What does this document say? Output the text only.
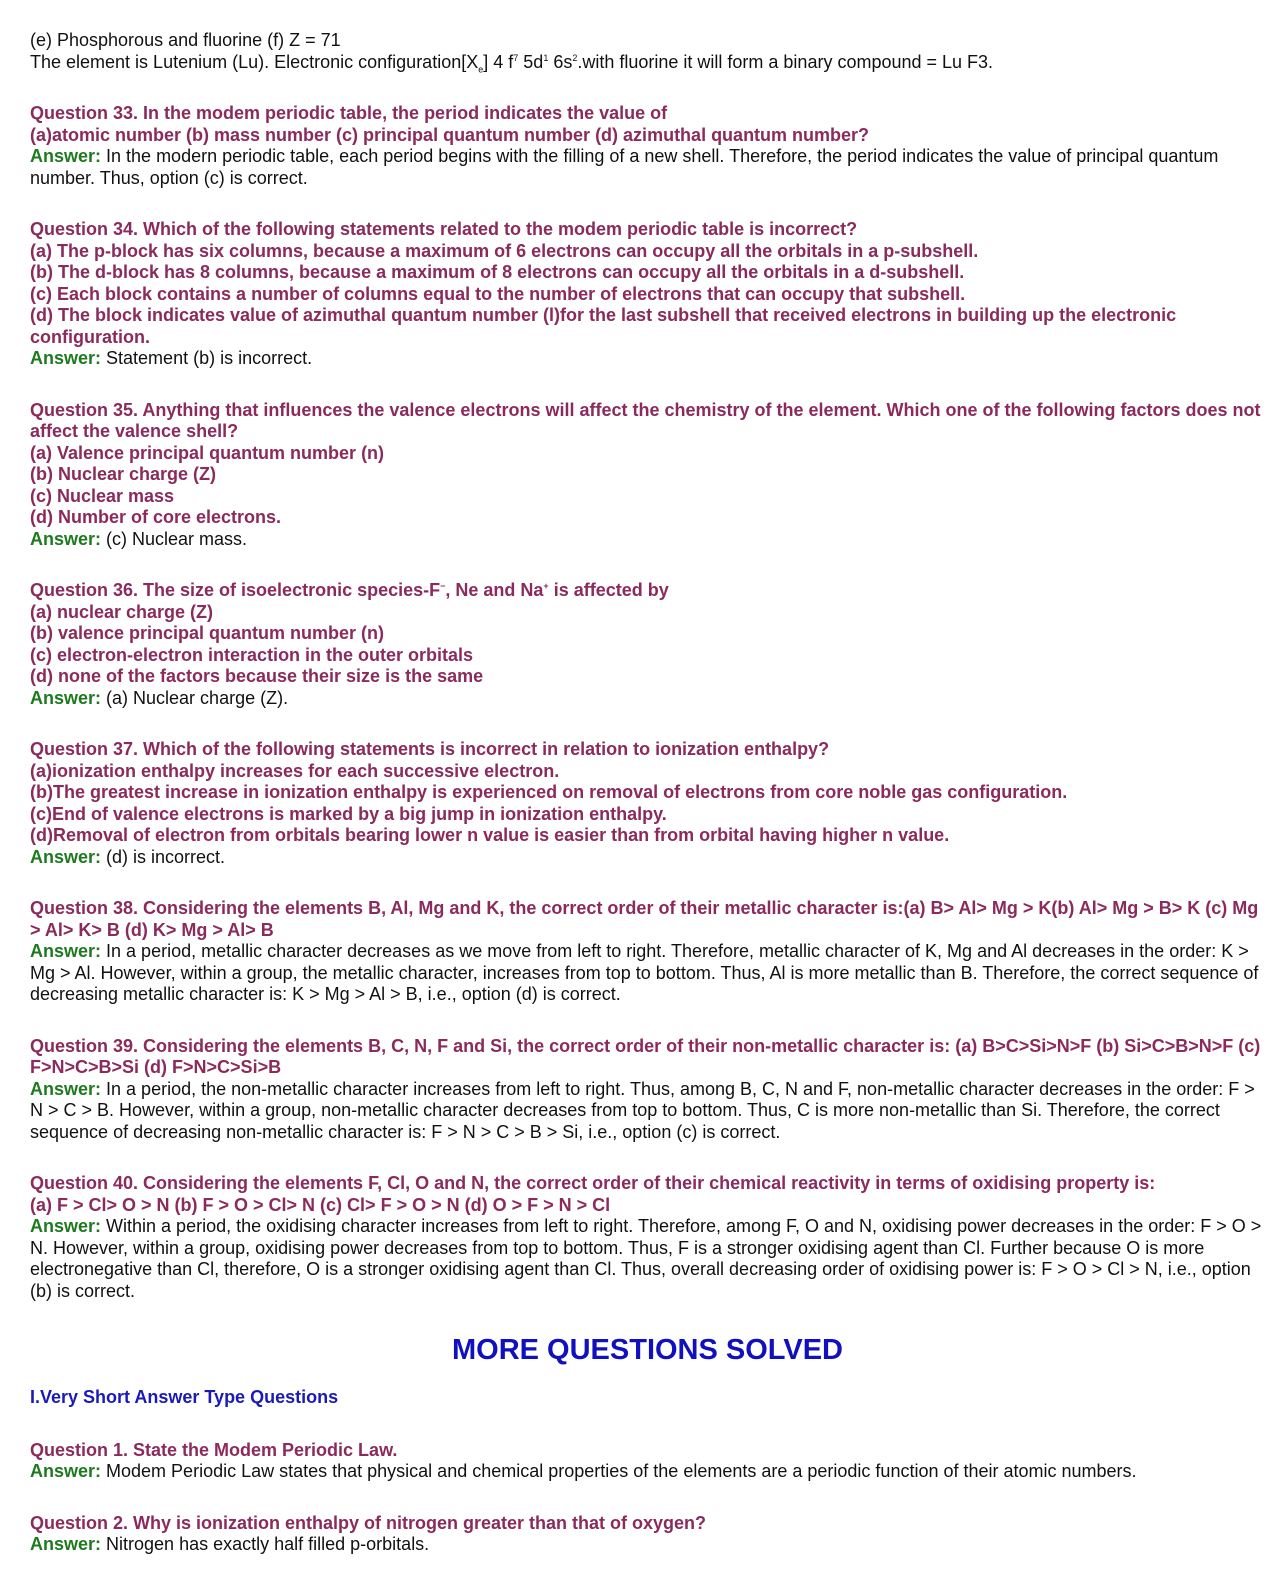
(e) Phosphorous and fluorine (f) Z = 71

The element is Lutenium (Lu). Electronic $configuration[X_e]$ 4 $f^7$ $5d^1$ $6s^2.with$ fluorine it will form a binary compound = Lu F3.

Question 33. In the modem periodic table, the period indicates the value of

(a)atomic number (b) mass number (c) principal quantum number (d) azimuthal quantum number?

Answer: In the modern periodic table, each period begins with the filling of a new shell. Therefore, the period indicates the value of principal quantum number. Thus, option (c) is correct.

Question 34. Which of the following statements related to the modem periodic table is incorrect?

(a) The p-block has six columns, because a maximum of 6 electrons can occupy all the orbitals in a p-subshell.

(b) The d-block has 8 columns, because a maximum of 8 electrons can occupy all the orbitals in a d-subshell.

(c) Each block contains a number of columns equal to the number of electrons that can occupy that subshell.

(d) The block indicates value of azimuthal quantum number (l)for the last subshell that received electrons in building up the electronic configuration.

Answer: Statement (b) is incorrect.

Question 35. Anything that influences the valence electrons will affect the chemistry of the element. Which one of the following factors does not affect the valence shell?

(a) Valence principal quantum number (n)

(b) Nuclear charge (Z)

(c) Nuclear mass

(d) Number of core electrons.

Answer: (c) Nuclear mass.

Question 36. The size of isoelectronic species-F−, Ne and Na+ is affected by

(a) nuclear charge (Z)

(b) valence principal quantum number (n)

(c) electron-electron interaction in the outer orbitals

(d) none of the factors because their size is the same

Answer: (a) Nuclear charge (Z).

Question 37. Which of the following statements is incorrect in relation to ionization enthalpy?

(a)ionization enthalpy increases for each successive electron.

(b)The greatest increase in ionization enthalpy is experienced on removal of electrons from core noble gas configuration.

(c)End of valence electrons is marked by a big jump in ionization enthalpy.

(d)Removal of electron from orbitals bearing lower n value is easier than from orbital having higher n value.

Answer: (d) is incorrect.

Question 38. Considering the elements B, Al, Mg and K, the correct order of their metallic character is:(a) B> Al> Mg > K(b) Al> Mg > B> K (c) Mg > Al> K> B (d) K> Mg > Al> B

Answer: In a period, metallic character decreases as we move from left to right. Therefore, metallic character of K, Mg and Al decreases in the order: K > Mg > Al. However, within a group, the metallic character, increases from top to bottom. Thus, Al is more metallic than B. Therefore, the correct sequence of decreasing metallic character is: K > Mg > Al > B, i.e., option (d) is correct.

Question 39. Considering the elements B, C, N, F and Si, the correct order of their non-metallic character is: (a) B>C>Si>N>F (b) Si>C>B>N>F (c) F>N>C>B>Si (d) F>N>C>Si>B

Answer: In a period, the non-metallic character increases from left to right. Thus, among B, C, N and F, non-metallic character decreases in the order: F > N > C > B. However, within a group, non-metallic character decreases from top to bottom. Thus, C is more non-metallic than Si. Therefore, the correct sequence of decreasing non-metallic character is: F > N > C > B > Si, i.e., option (c) is correct.

Question 40. Considering the elements F, Cl, O and N, the correct order of their chemical reactivity in terms of oxidising property is:

(a) F > Cl> O > N (b) F > O > Cl> N (c) Cl> F > O > N (d) O > F > N > Cl

Answer: Within a period, the oxidising character increases from left to right. Therefore, among F, O and N, oxidising power decreases in the order: F > O > N. However, within a group, oxidising power decreases from top to bottom. Thus, F is a stronger oxidising agent than Cl. Further because O is more electronegative than Cl, therefore, O is a stronger oxidising agent than Cl. Thus, overall decreasing order of oxidising power is: F > O > Cl > N, i.e., option (b) is correct.

MORE QUESTIONS SOLVED

I.Very Short Answer Type Questions

Question 1. State the Modem Periodic Law.

Answer: Modem Periodic Law states that physical and chemical properties of the elements are a periodic function of their atomic numbers.

Question 2. Why is ionization enthalpy of nitrogen greater than that of oxygen?

Answer: Nitrogen has exactly half filled p-orbitals.
